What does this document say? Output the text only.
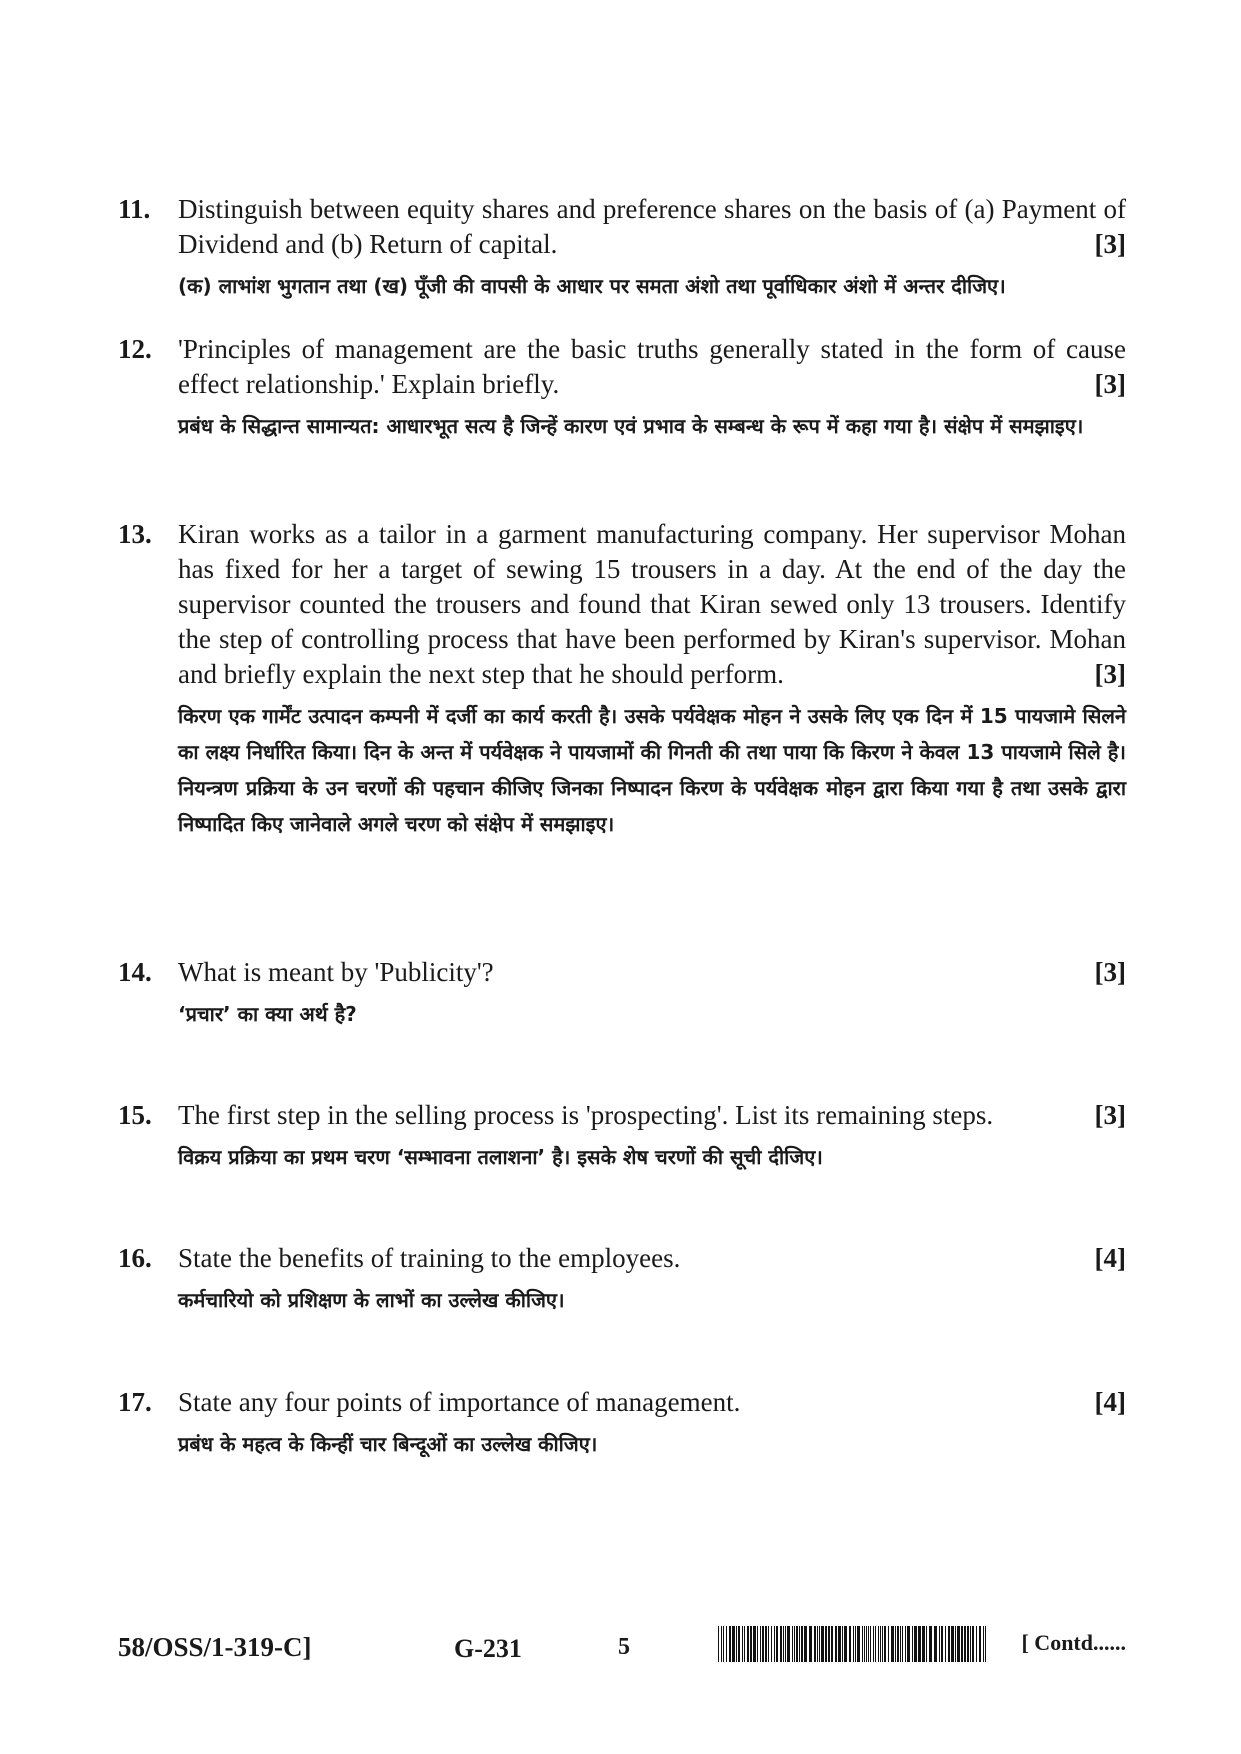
11. Distinguish between equity shares and preference shares on the basis of (a) Payment of Dividend and (b) Return of capital.	[3]
(क) लाभांश भुगतान तथा (ख) पूँजी की वापसी के आधार पर समता अंशो तथा पूर्वाधिकार अंशो में अन्तर दीजिए।
12. 'Principles of management are the basic truths generally stated in the form of cause effect relationship.' Explain briefly.	[3]
प्रबंध के सिद्धान्त सामान्यत: आधारभूत सत्य है जिन्हें कारण एवं प्रभाव के सम्बन्ध के रूप में कहा गया है। संक्षेप में समझाइए।
13. Kiran works as a tailor in a garment manufacturing company. Her supervisor Mohan has fixed for her a target of sewing 15 trousers in a day. At the end of the day the supervisor counted the trousers and found that Kiran sewed only 13 trousers. Identify the step of controlling process that have been performed by Kiran's supervisor. Mohan and briefly explain the next step that he should perform.	[3]
किरण एक गार्मेंट उत्पादन कम्पनी में दर्जी का कार्य करती है। उसके पर्यवेक्षक मोहन ने उसके लिए एक दिन में 15 पायजामे सिलने का लक्ष्य निर्धारित किया। दिन के अन्त में पर्यवेक्षक ने पायजामों की गिनती की तथा पाया कि किरण ने केवल 13 पायजामे सिले है। नियन्त्रण प्रक्रिया के उन चरणों की पहचान कीजिए जिनका निष्पादन किरण के पर्यवेक्षक मोहन द्वारा किया गया है तथा उसके द्वारा निष्पादित किए जानेवाले अगले चरण को संक्षेप में समझाइए।
14. What is meant by 'Publicity'?	[3]
‘प्रचार’ का क्या अर्थ है?
15. The first step in the selling process is 'prospecting'. List its remaining steps.	[3]
विक्रय प्रक्रिया का प्रथम चरण ‘सम्भावना तलाशना’ है। इसके शेष चरणों की सूची दीजिए।
16. State the benefits of training to the employees.	[4]
कर्मचारियो को प्रशिक्षण के लाभों का उल्लेख कीजिए।
17. State any four points of importance of management.	[4]
प्रबंध के महत्व के किन्हीं चार बिन्दूओं का उल्लेख कीजिए।
58/OSS/1-319-C]	G-231	5	[ Contd......
